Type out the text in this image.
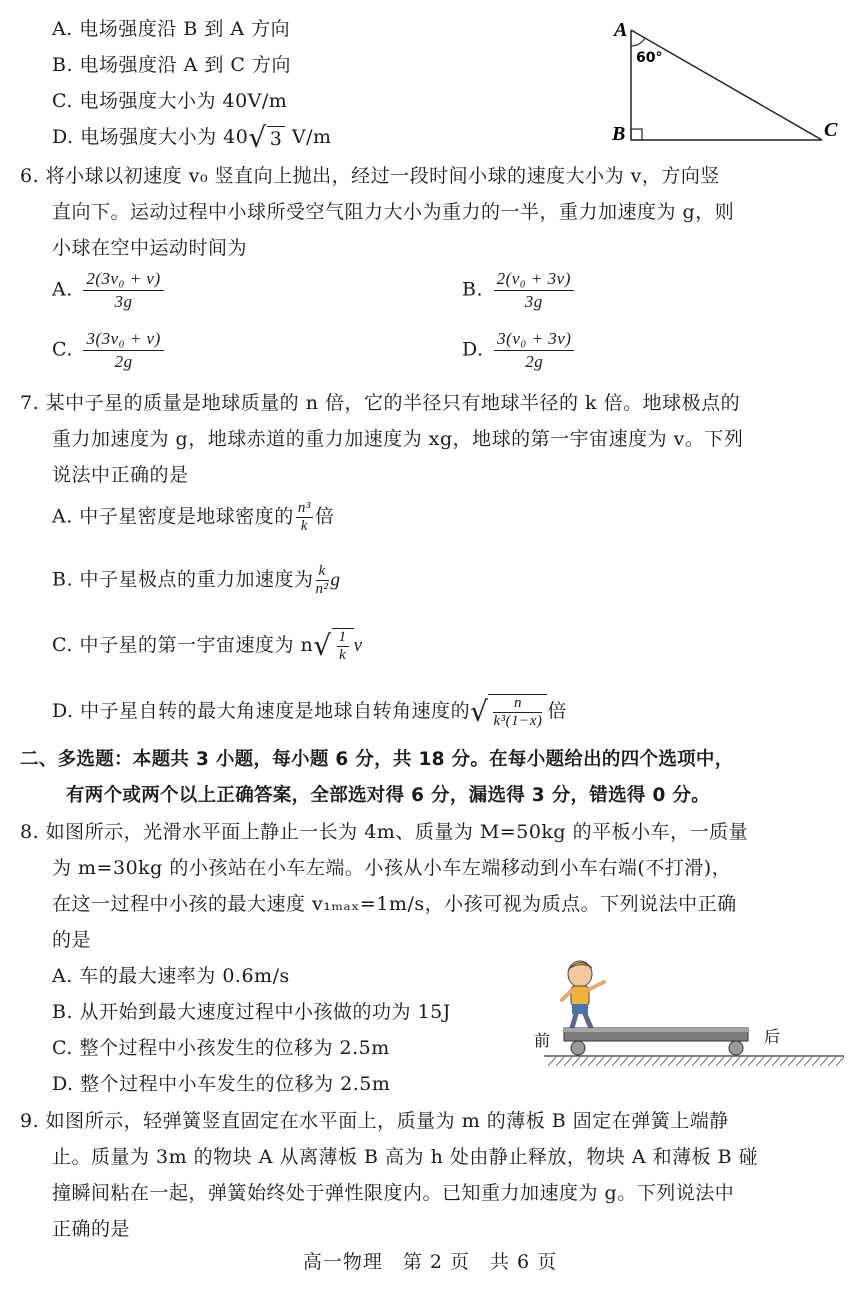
A. 电场强度沿 B 到 A 方向
B. 电场强度沿 A 到 C 方向
C. 电场强度大小为 40V/m
D. 电场强度大小为 40√ 3 V/m
A
B	C
60°
6. 将小球以初速度 v₀ 竖直向上抛出，经过一段时间小球的速度大小为 v，方向竖
直向下。运动过程中小球所受空气阻力大小为重力的一半，重力加速度为 g，则
小球在空中运动时间为
A. $\frac{\text{2(3v₀ + v)}}{3g}$	B. $\frac{\text{2(v₀ + 3v)}}{3g}$
C. $\frac{\text{3(3v₀ + v)}}{2g}$	D. $\frac{\text{3(v₀ + 3v)}}{2g}$
7. 某中子星的质量是地球质量的 n 倍，它的半径只有地球半径的 k 倍。地球极点的
重力加速度为 g，地球赤道的重力加速度为 xg，地球的第一宇宙速度为 v。下列
说法中正确的是
A. 中子星密度是地球密度的 $\frac{\text{n³}}{k}$ 倍
B. 中子星极点的重力加速度为 $\frac{k}{\text{n²}}$ g
C. 中子星的第一宇宙速度为 $n√ \frac{1}{k}$ v
D. 中子星自转的最大角速度是地球自转角速度的√ $\frac{n}{\text{k³(1−x)}}$ 倍
二、多选题：本题共 3 小题，每小题 6 分，共 18 分。在每小题给出的四个选项中，
有两个或两个以上正确答案，全部选对得 6 分，漏选得 3 分，错选得 0 分。
8. 如图所示，光滑水平面上静止一长为 4m、质量为 M=50kg 的平板小车，一质量
为 m=30kg 的小孩站在小车左端。小孩从小车左端移动到小车右端(不打滑)，
在这一过程中小孩的最大速度 v₁ₘₐₓ=1m/s，小孩可视为质点。下列说法中正确
的是
A. 车的最大速率为 0.6m/s
B. 从开始到最大速度过程中小孩做的功为 15J
C. 整个过程中小孩发生的位移为 2.5m
D. 整个过程中小车发生的位移为 2.5m
前	后
9. 如图所示，轻弹簧竖直固定在水平面上，质量为 m 的薄板 B 固定在弹簧上端静
止。质量为 3m 的物块 A 从离薄板 B 高为 h 处由静止释放，物块 A 和薄板 B 碰
撞瞬间粘在一起，弹簧始终处于弹性限度内。已知重力加速度为 g。下列说法中
正确的是
高一物理　第 2 页　共 6 页
